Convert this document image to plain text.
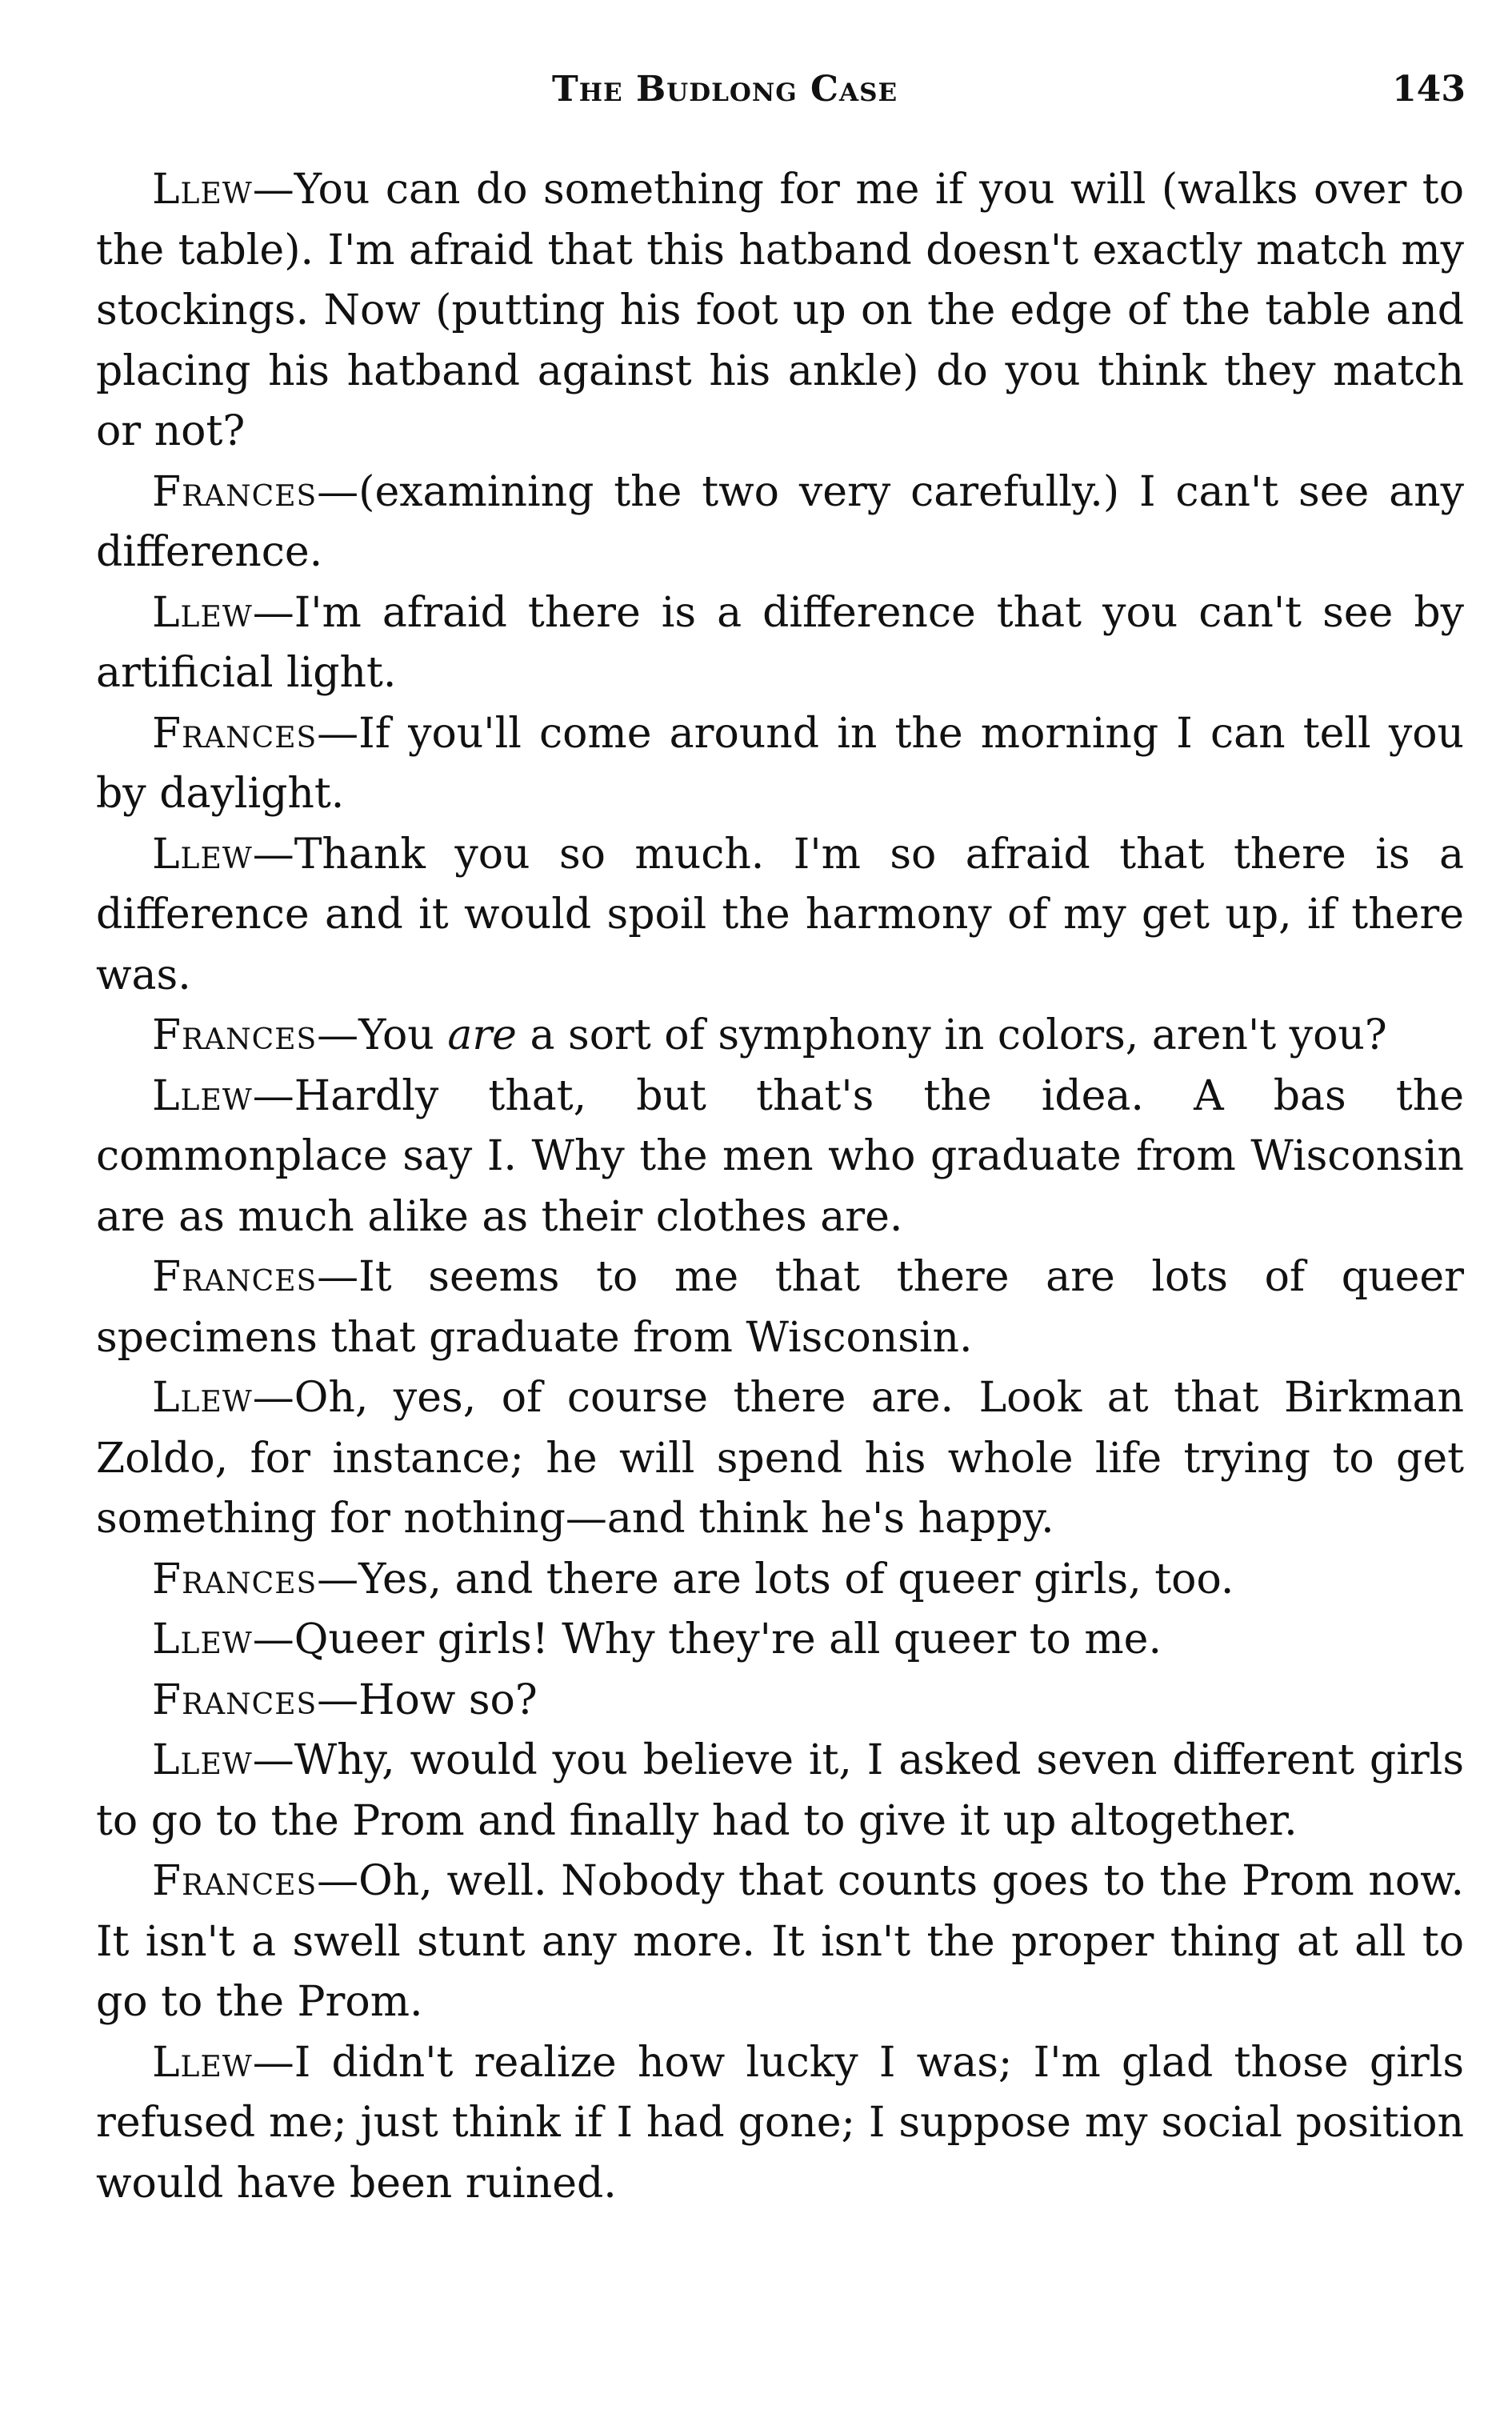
The Budlong Case	143

Llew—You can do something for me if you will (walks over to the table). I'm afraid that this hatband doesn't exactly match my stockings. Now (putting his foot up on the edge of the table and placing his hatband against his ankle) do you think they match or not?

Frances—(examining the two very carefully.) I can't see any difference.

Llew—I'm afraid there is a difference that you can't see by artificial light.

Frances—If you'll come around in the morning I can tell you by daylight.

Llew—Thank you so much. I'm so afraid that there is a difference and it would spoil the harmony of my get up, if there was.

Frances—You are a sort of symphony in colors, aren't you?

Llew—Hardly that, but that's the idea. A bas the commonplace say I. Why the men who graduate from Wisconsin are as much alike as their clothes are.

Frances—It seems to me that there are lots of queer specimens that graduate from Wisconsin.

Llew—Oh, yes, of course there are. Look at that Birkman Zoldo, for instance; he will spend his whole life trying to get something for nothing—and think he's happy.

Frances—Yes, and there are lots of queer girls, too.

Llew—Queer girls! Why they're all queer to me.

Frances—How so?

Llew—Why, would you believe it, I asked seven different girls to go to the Prom and finally had to give it up altogether.

Frances—Oh, well. Nobody that counts goes to the Prom now. It isn't a swell stunt any more. It isn't the proper thing at all to go to the Prom.

Llew—I didn't realize how lucky I was; I'm glad those girls refused me; just think if I had gone; I suppose my social position would have been ruined.
